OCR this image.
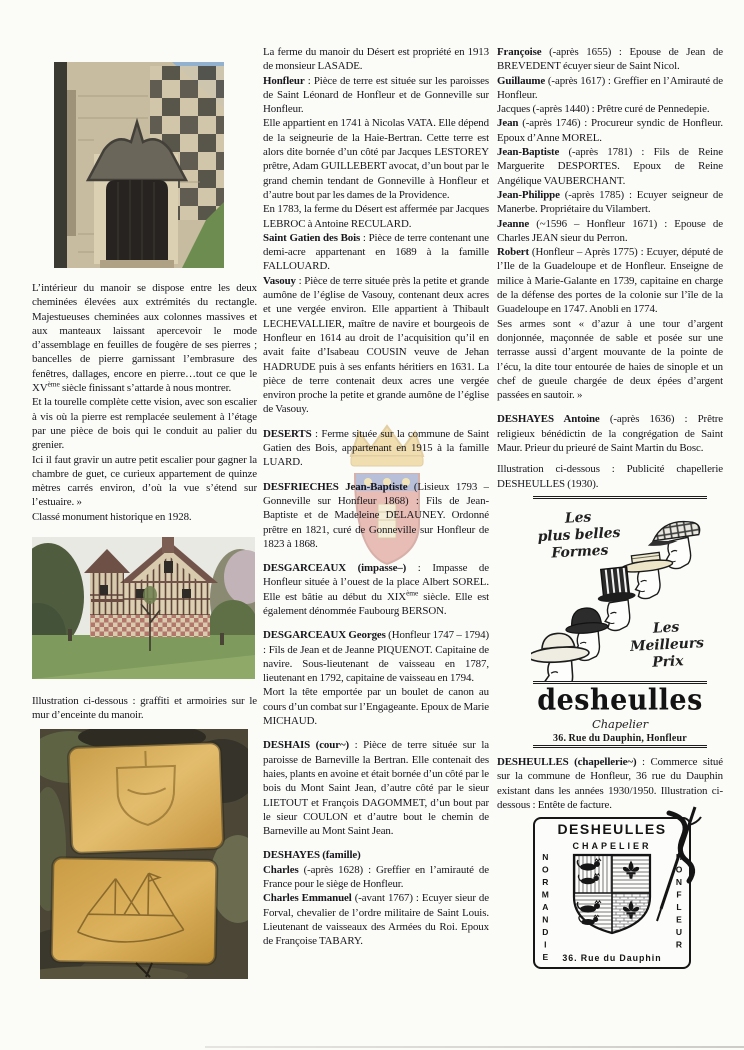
L’intérieur du manoir se dispose entre les deux cheminées élevées aux extrémités du rectangle. Majestueuses cheminées aux colonnes massives et aux manteaux laissant apercevoir le mode d’assemblage en feuilles de fougère de ses pierres ; bancelles de pierre garnissant l’embrasure des fenêtres, dallages, encore en pierre…tout ce que le XVème siècle finissant s’attarde à nous montrer.

Et la tourelle complète cette vision, avec son escalier à vis où la pierre est remplacée seulement à l’étage par une pièce de bois qui le conduit au palier du grenier.

Ici il faut gravir un autre petit escalier pour gagner la chambre de guet, ce curieux appartement de quinze mètres carrés environ, d’où la vue s’étend sur l’estuaire. »

Classé monument historique en 1928.

Illustration ci-dessous : graffiti et armoiries sur le mur d’enceinte du manoir.

La ferme du manoir du Désert est propriété en 1913 de monsieur LASADE.

Honfleur : Pièce de terre est située sur les paroisses de Saint Léonard de Honfleur et de Gonneville sur Honfleur.

Elle appartient en 1741 à Nicolas VATA. Elle dépend de la seigneurie de la Haie-Bertran. Cette terre est alors dite bornée d’un côté par Jacques LESTOREY prêtre, Adam GUILLEBERT avocat, d’un bout par le grand chemin tendant de Gonneville à Honfleur et d’autre bout par les dames de la Providence.

En 1783, la ferme du Désert est affermée par Jacques LEBROC à Antoine RECULARD.

Saint Gatien des Bois : Pièce de terre contenant une demi-acre appartenant en 1689 à la famille FALLOUARD.

Vasouy : Pièce de terre située près la petite et grande aumône de l’église de Vasouy, contenant deux acres et une vergée environ. Elle appartient à Thibault LECHEVALLIER, maître de navire et bourgeois de Honfleur en 1614 au droit de l’acquisition qu’il en avait faite d’Isabeau COUSIN veuve de Jehan HADRUDE puis à ses enfants héritiers en 1631. La pièce de terre contenait deux acres une vergée environ proche la petite et grande aumône de l’église de Vasouy.

DESERTS : Ferme située sur la commune de Saint Gatien des Bois, appartenant en 1915 à la famille LUARD.

DESFRIECHES Jean-Baptiste (Lisieux 1793 – Gonneville sur Honfleur 1868) : Fils de Jean-Baptiste et de Madeleine DELAUNEY. Ordonné prêtre en 1821, curé de Gonneville sur Honfleur de 1823 à 1868.

DESGARCEAUX (impasse–) : Impasse de Honfleur située à l’ouest de la place Albert SOREL. Elle est bâtie au début du XIXème siècle. Elle est également dénommée Faubourg BERSON.

DESGARCEAUX Georges (Honfleur 1747 – 1794) : Fils de Jean et de Jeanne PIQUENOT. Capitaine de navire. Sous-lieutenant de vaisseau en 1787, lieutenant en 1792, capitaine de vaisseau en 1794.

Mort la tête emportée par un boulet de canon au cours d’un combat sur l’Engageante. Epoux de Marie MICHAUD.

DESHAIS (cour~) : Pièce de terre située sur la paroisse de Barneville la Bertran. Elle contenait des haies, plants en avoine et était bornée d’un côté par le bois du Mont Saint Jean, d’autre côté par le sieur LIETOUT et François DAGOMMET, d’un bout par le sieur COULON et d’autre bout le chemin de Barneville au Mont Saint Jean.

DESHAYES (famille)

Charles (-après 1628) : Greffier en l’amirauté de France pour le siège de Honfleur.

Charles Emmanuel (-avant 1767) : Ecuyer sieur de Forval, chevalier de l’ordre militaire de Saint Louis. Lieutenant de vaisseaux des Armées du Roi. Epoux de Françoise TABARY.

Françoise (-après 1655) : Epouse de Jean de BREVEDENT écuyer sieur de Saint Nicol.

Guillaume (-après 1617) : Greffier en l’Amirauté de Honfleur.

Jacques (-après 1440) : Prêtre curé de Pennedepie.

Jean (-après 1746) : Procureur syndic de Honfleur. Epoux d’Anne MOREL.

Jean-Baptiste (-après 1781) : Fils de Reine Marguerite DESPORTES. Epoux de Reine Angélique VAUBERCHANT.

Jean-Philippe (-après 1785) : Ecuyer seigneur de Manerbe. Propriétaire du Vilambert.

Jeanne (~1596 – Honfleur 1671) : Epouse de Charles JEAN sieur du Perron.

Robert (Honfleur – Après 1775) : Ecuyer, député de l’Ile de la Guadeloupe et de Honfleur. Enseigne de milice à Marie-Galante en 1739, capitaine en charge de la défense des portes de la colonie sur l’île de la Guadeloupe en 1747. Anobli en 1774.

Ses armes sont « d’azur à une tour d’argent donjonnée, maçonnée de sable et posée sur une terrasse aussi d’argent mouvante de la pointe de l’écu, la dite tour entourée de haies de sinople et un chef de gueule chargée de deux épées d’argent passées en sautoir. »

DESHAYES Antoine (-après 1636) : Prêtre religieux bénédictin de la congrégation de Saint Maur. Prieur du prieuré de Saint Martin du Bosc.

Illustration ci-dessous : Publicité chapellerie DESHEULLES (1930).

Les
plus belles
Formes
Les
Meilleurs
Prix
desheulles
Chapelier
36. Rue du Dauphin, Honfleur

DESHEULLES (chapellerie~) : Commerce situé sur la commune de Honfleur, 36 rue du Dauphin existant dans les années 1930/1950. Illustration ci-dessous : Entête de facture.

DESHEULLES
CHAPELIER
NORMANDIE	HONFLEUR
36. Rue du Dauphin
